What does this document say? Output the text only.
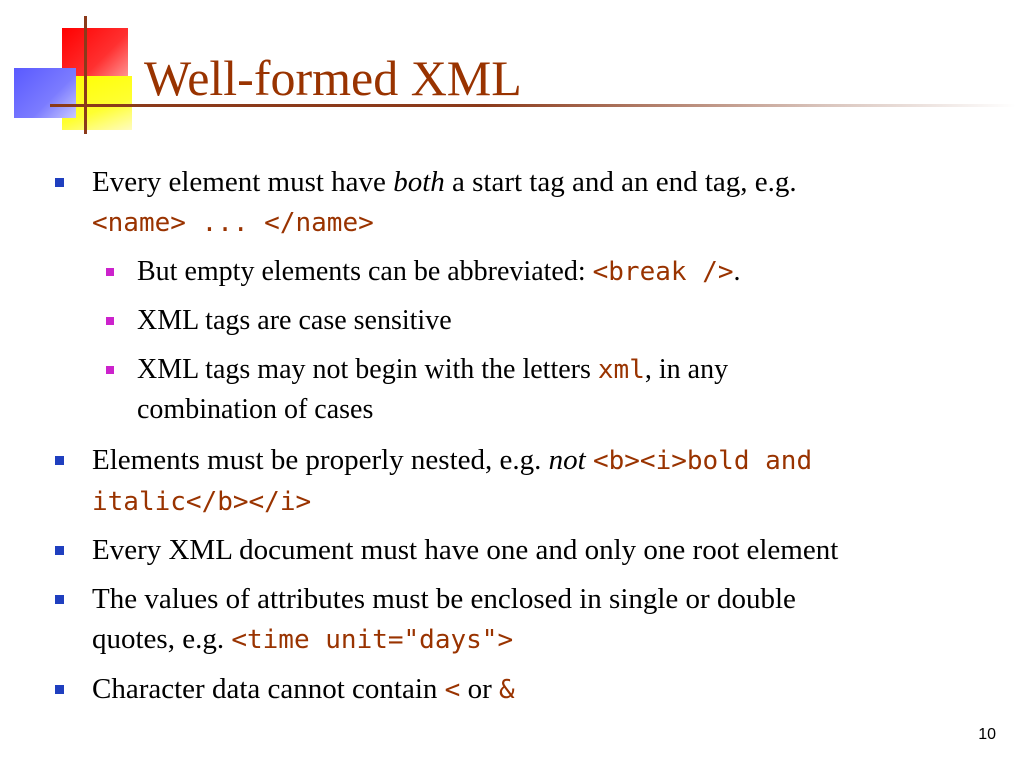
Well-formed XML
Every element must have both a start tag and an end tag, e.g.
<name> ... </name>
But empty elements can be abbreviated: <break />.
XML tags are case sensitive
XML tags may not begin with the letters xml, in any
combination of cases
Elements must be properly nested, e.g. not <b><i>bold and
italic</b></i>
Every XML document must have one and only one root element
The values of attributes must be enclosed in single or double
quotes, e.g. <time unit="days">
Character data cannot contain < or &
10
